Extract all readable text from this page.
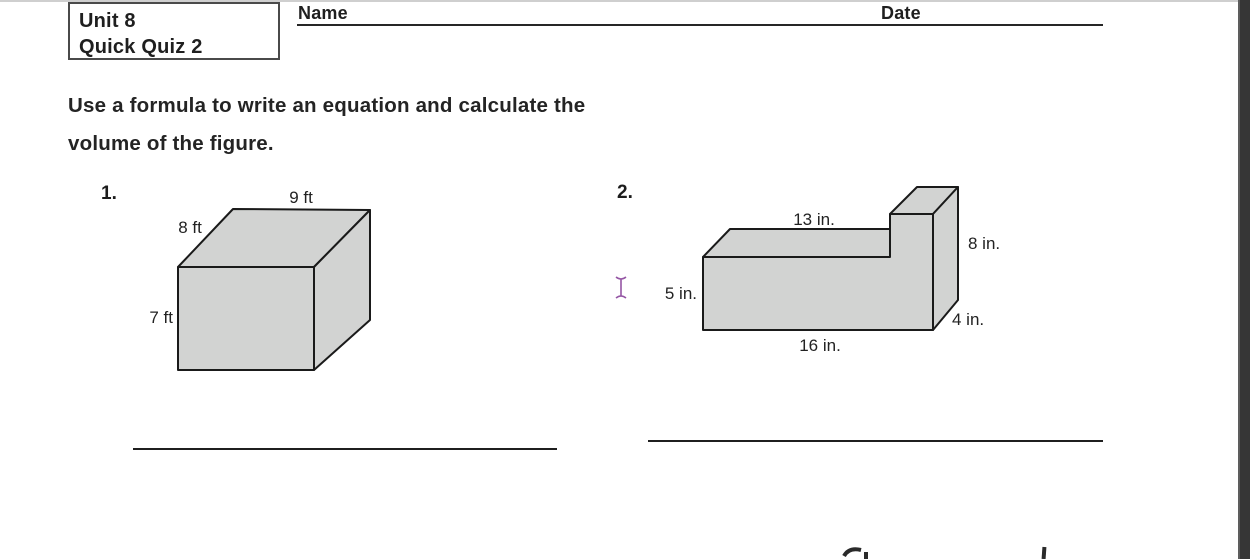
Unit 8
Quick Quiz 2
Name	Date
Use a formula to write an equation and calculate the
volume of the figure.
1.	2.
9 ft
8 ft
7 ft
13 in.
8 in.
5 in.
4 in.
16 in.
